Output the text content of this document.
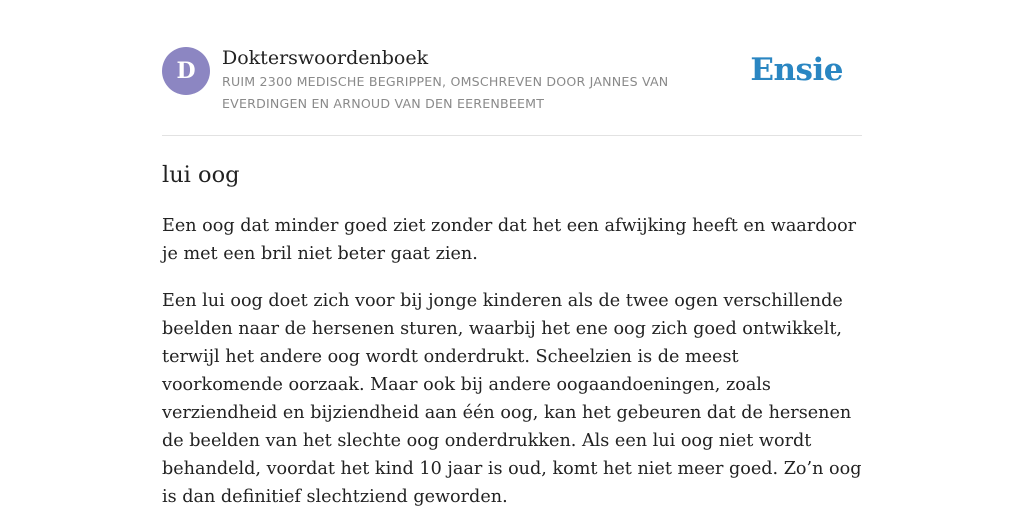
D	Dokterswoordenboek
RUIM 2300 MEDISCHE BEGRIPPEN, OMSCHREVEN DOOR JANNES VAN EVERDINGEN EN ARNOUD VAN DEN EERENBEEMT
Ensie
lui oog

Een oog dat minder goed ziet zonder dat het een afwijking heeft en waardoor je met een bril niet beter gaat zien.

Een lui oog doet zich voor bij jonge kinderen als de twee ogen verschillende beelden naar de hersenen sturen, waarbij het ene oog zich goed ontwikkelt, terwijl het andere oog wordt onderdrukt. Scheelzien is de meest voorkomende oorzaak. Maar ook bij andere oogaandoeningen, zoals verziendheid en bijziendheid aan één oog, kan het gebeuren dat de hersenen de beelden van het slechte oog onderdrukken. Als een lui oog niet wordt behandeld, voordat het kind 10 jaar is oud, komt het niet meer goed. Zo’n oog is dan definitief slechtziend geworden.
